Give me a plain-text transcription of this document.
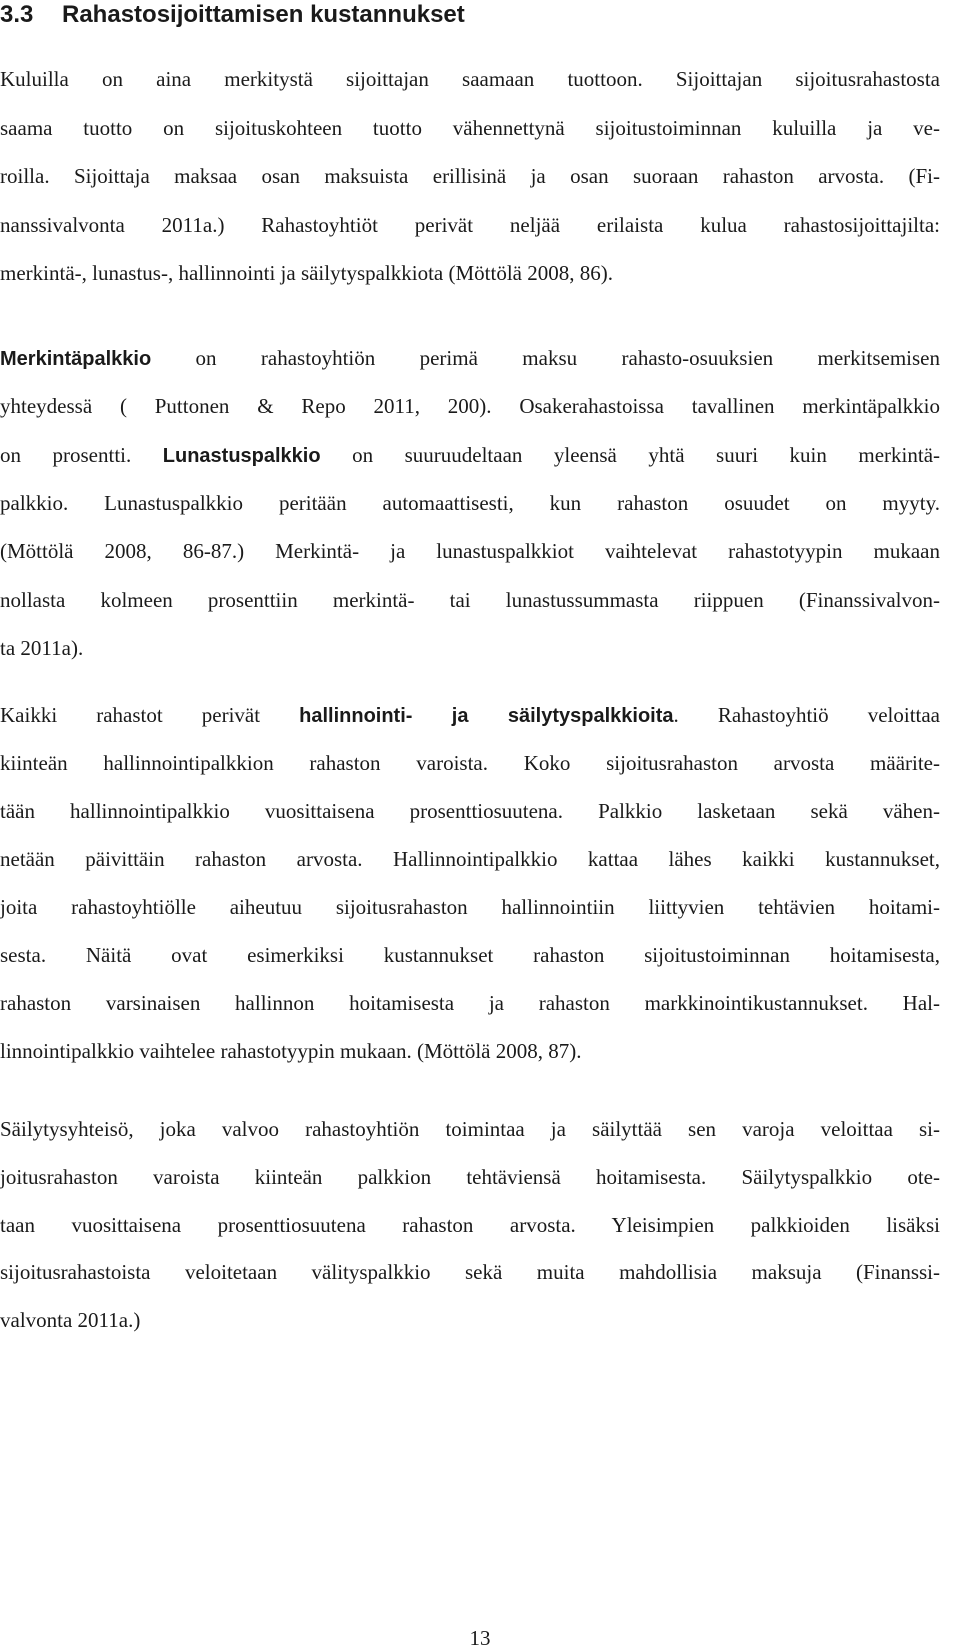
3.3 Rahastosijoittamisen kustannukset
Kuluilla on aina merkitystä sijoittajan saamaan tuottoon. Sijoittajan sijoitusrahastosta
saama tuotto on sijoituskohteen tuotto vähennettynä sijoitustoiminnan kuluilla ja ve-
roilla. Sijoittaja maksaa osan maksuista erillisinä ja osan suoraan rahaston arvosta. (Fi-
nanssivalvonta 2011a.) Rahastoyhtiöt perivät neljää erilaista kulua rahastosijoittajilta:
merkintä-, lunastus-, hallinnointi ja säilytyspalkkiota (Möttölä 2008, 86).
Merkintäpalkkio on rahastoyhtiön perimä maksu rahasto-osuuksien merkitsemisen
yhteydessä ( Puttonen & Repo 2011, 200). Osakerahastoissa tavallinen merkintäpalkkio
on prosentti. Lunastuspalkkio on suuruudeltaan yleensä yhtä suuri kuin merkintä-
palkkio. Lunastuspalkkio peritään automaattisesti, kun rahaston osuudet on myyty.
(Möttölä 2008, 86-87.) Merkintä- ja lunastuspalkkiot vaihtelevat rahastotyypin mukaan
nollasta kolmeen prosenttiin merkintä- tai lunastussummasta riippuen (Finanssivalvon-
ta 2011a).
Kaikki rahastot perivät hallinnointi- ja säilytyspalkkioita. Rahastoyhtiö veloittaa
kiinteän hallinnointipalkkion rahaston varoista. Koko sijoitusrahaston arvosta määrite-
tään hallinnointipalkkio vuosittaisena prosenttiosuutena. Palkkio lasketaan sekä vähen-
netään päivittäin rahaston arvosta. Hallinnointipalkkio kattaa lähes kaikki kustannukset,
joita rahastoyhtiölle aiheutuu sijoitusrahaston hallinnointiin liittyvien tehtävien hoitami-
sesta. Näitä ovat esimerkiksi kustannukset rahaston sijoitustoiminnan hoitamisesta,
rahaston varsinaisen hallinnon hoitamisesta ja rahaston markkinointikustannukset. Hal-
linnointipalkkio vaihtelee rahastotyypin mukaan. (Möttölä 2008, 87).
Säilytysyhteisö, joka valvoo rahastoyhtiön toimintaa ja säilyttää sen varoja veloittaa si-
joitusrahaston varoista kiinteän palkkion tehtäviensä hoitamisesta. Säilytyspalkkio ote-
taan vuosittaisena prosenttiosuutena rahaston arvosta. Yleisimpien palkkioiden lisäksi
sijoitusrahastoista veloitetaan välityspalkkio sekä muita mahdollisia maksuja (Finanssi-
valvonta 2011a.)
13
